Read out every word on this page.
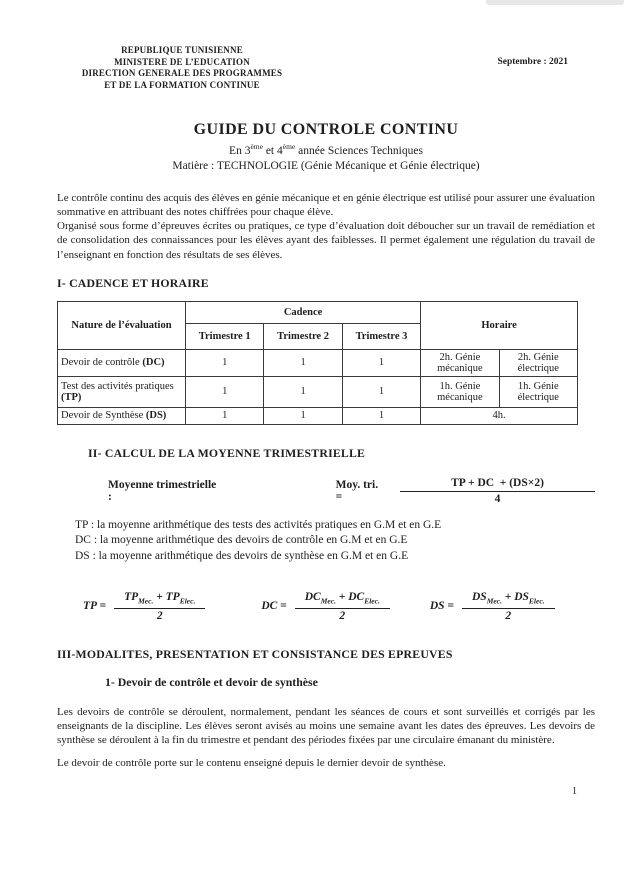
REPUBLIQUE TUNISIENNE
MINISTERE DE L’EDUCATION
DIRECTION GENERALE DES PROGRAMMES
ET DE LA FORMATION CONTINUE
Septembre : 2021
GUIDE DU CONTROLE CONTINU
En 3ème et 4ème année Sciences Techniques
Matière : TECHNOLOGIE (Génie Mécanique et Génie électrique)

Le contrôle continu des acquis des élèves en génie mécanique et en génie électrique est utilisé pour assurer une évaluation sommative en attribuant des notes chiffrées pour chaque élève.

Organisé sous forme d’épreuves écrites ou pratiques, ce type d’évaluation doit déboucher sur un travail de remédiation et de consolidation des connaissances pour les élèves ayant des faiblesses. Il permet également une régulation du travail de l’enseignant en fonction des résultats de ses élèves.

I- CADENCE ET HORAIRE
Nature de l’évaluation	Cadence			Horaire	
	Trimestre 1	Trimestre 2	Trimestre 3		
Devoir de contrôle (DC)	1	1	1	2h. Génie mécanique	2h. Génie électrique
Test des activités pratiques (TP)	1	1	1	1h. Génie mécanique	1h. Génie électrique
Devoir de Synthèse (DS)	1	1	1	4h.	
II- CALCUL DE LA MOYENNE TRIMESTRIELLE
Moyenne trimestrielle :
Moy. tri. =	$\frac{TP + DC + (DS\times 2)}{4}$
TP : la moyenne arithmétique des tests des activités pratiques en G.M et en G.E
DC : la moyenne arithmétique des devoirs de contrôle en G.M et en G.E
DS : la moyenne arithmétique des devoirs de synthèse en G.M et en G.E
TP = $\frac{TP_{Mec.} + TP_{Elec.}}{2}$	DC = $\frac{DC_{Mec.} + DC_{Elec.}}{2}$	DS = $\frac{DS_{Mec.} + DS_{Elec.}}{2}$
III-MODALITES, PRESENTATION ET CONSISTANCE DES EPREUVES
1- Devoir de contrôle et devoir de synthèse

Les devoirs de contrôle se déroulent, normalement, pendant les séances de cours et sont surveillés et corrigés par les enseignants de la discipline. Les élèves seront avisés au moins une semaine avant les dates des épreuves. Les devoirs de synthèse se déroulent à la fin du trimestre et pendant des périodes fixées par une circulaire émanant du ministère.

Le devoir de contrôle porte sur le contenu enseigné depuis le dernier devoir de synthèse.

1
